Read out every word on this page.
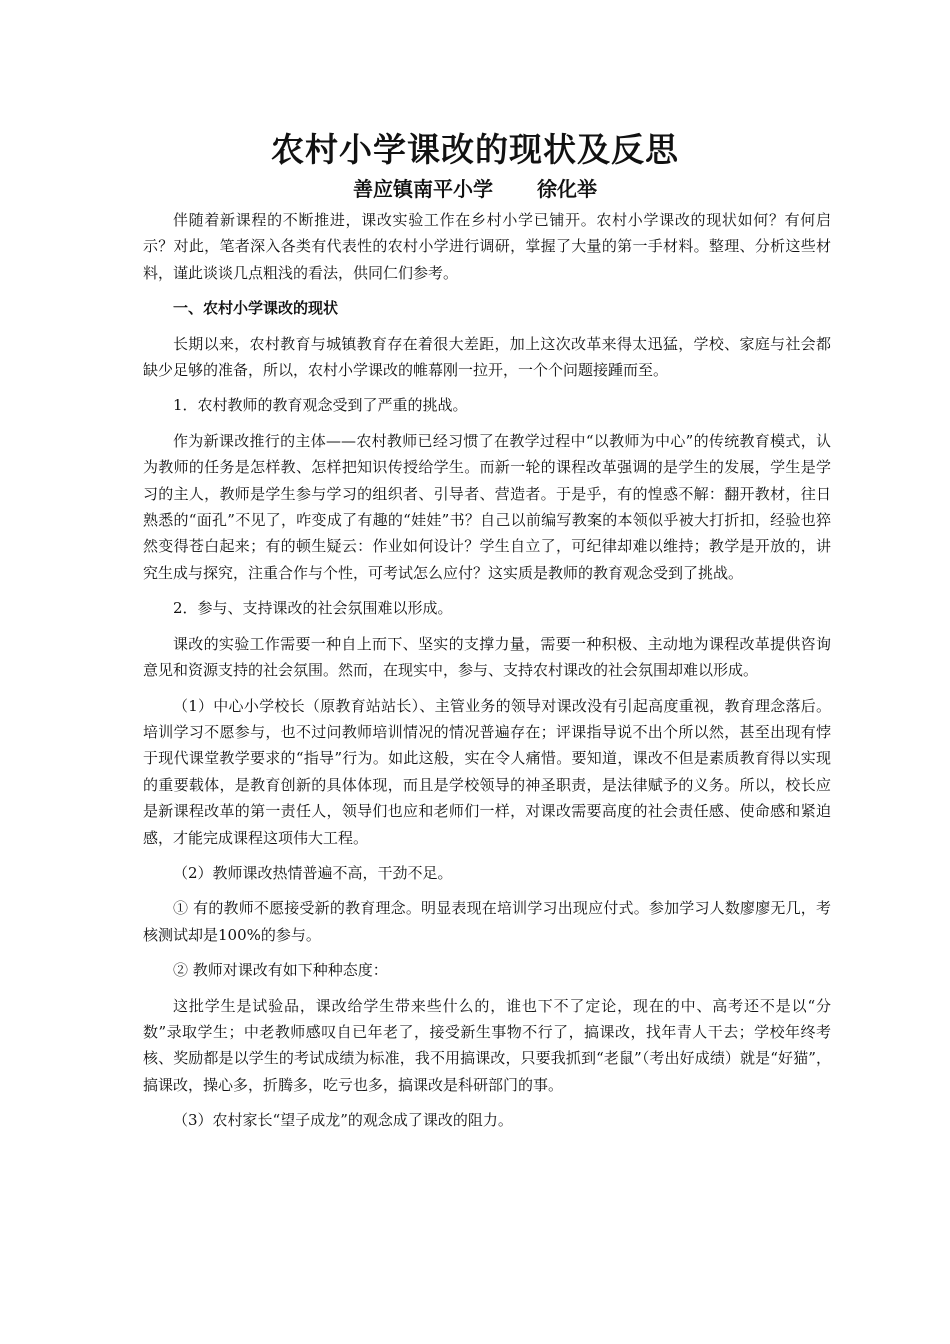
农村小学课改的现状及反思
善应镇南平小学 徐化举

伴随着新课程的不断推进，课改实验工作在乡村小学已铺开。农村小学课改的现状如何？有何启示？对此，笔者深入各类有代表性的农村小学进行调研，掌握了大量的第一手材料。整理、分析这些材料，谨此谈谈几点粗浅的看法，供同仁们参考。

一、农村小学课改的现状

长期以来，农村教育与城镇教育存在着很大差距，加上这次改革来得太迅猛，学校、家庭与社会都缺少足够的准备，所以，农村小学课改的帷幕刚一拉开，一个个问题接踵而至。

1．农村教师的教育观念受到了严重的挑战。

作为新课改推行的主体——农村教师已经习惯了在教学过程中“以教师为中心”的传统教育模式，认为教师的任务是怎样教、怎样把知识传授给学生。而新一轮的课程改革强调的是学生的发展，学生是学习的主人，教师是学生参与学习的组织者、引导者、营造者。于是乎，有的惶惑不解：翻开教材，往日熟悉的“面孔”不见了，咋变成了有趣的“娃娃”书？自己以前编写教案的本领似乎被大打折扣，经验也猝然变得苍白起来；有的顿生疑云：作业如何设计？学生自立了，可纪律却难以维持；教学是开放的，讲究生成与探究，注重合作与个性，可考试怎么应付？这实质是教师的教育观念受到了挑战。

2．参与、支持课改的社会氛围难以形成。

课改的实验工作需要一种自上而下、坚实的支撑力量，需要一种积极、主动地为课程改革提供咨询意见和资源支持的社会氛围。然而，在现实中，参与、支持农村课改的社会氛围却难以形成。

（1）中心小学校长（原教育站站长）、主管业务的领导对课改没有引起高度重视，教育理念落后。培训学习不愿参与，也不过问教师培训情况的情况普遍存在；评课指导说不出个所以然，甚至出现有悖于现代课堂教学要求的“指导”行为。如此这般，实在令人痛惜。要知道，课改不但是素质教育得以实现的重要载体，是教育创新的具体体现，而且是学校领导的神圣职责，是法律赋予的义务。所以，校长应是新课程改革的第一责任人，领导们也应和老师们一样，对课改需要高度的社会责任感、使命感和紧迫感，才能完成课程这项伟大工程。

（2）教师课改热情普遍不高，干劲不足。

① 有的教师不愿接受新的教育理念。明显表现在培训学习出现应付式。参加学习人数廖廖无几，考核测试却是100%的参与。

② 教师对课改有如下种种态度：

这批学生是试验品，课改给学生带来些什么的，谁也下不了定论，现在的中、高考还不是以“分数”录取学生；中老教师感叹自已年老了，接受新生事物不行了，搞课改，找年青人干去；学校年终考核、奖励都是以学生的考试成绩为标准，我不用搞课改，只要我抓到“老鼠”（考出好成绩）就是“好猫”，搞课改，操心多，折腾多，吃亏也多，搞课改是科研部门的事。

（3）农村家长“望子成龙”的观念成了课改的阻力。
